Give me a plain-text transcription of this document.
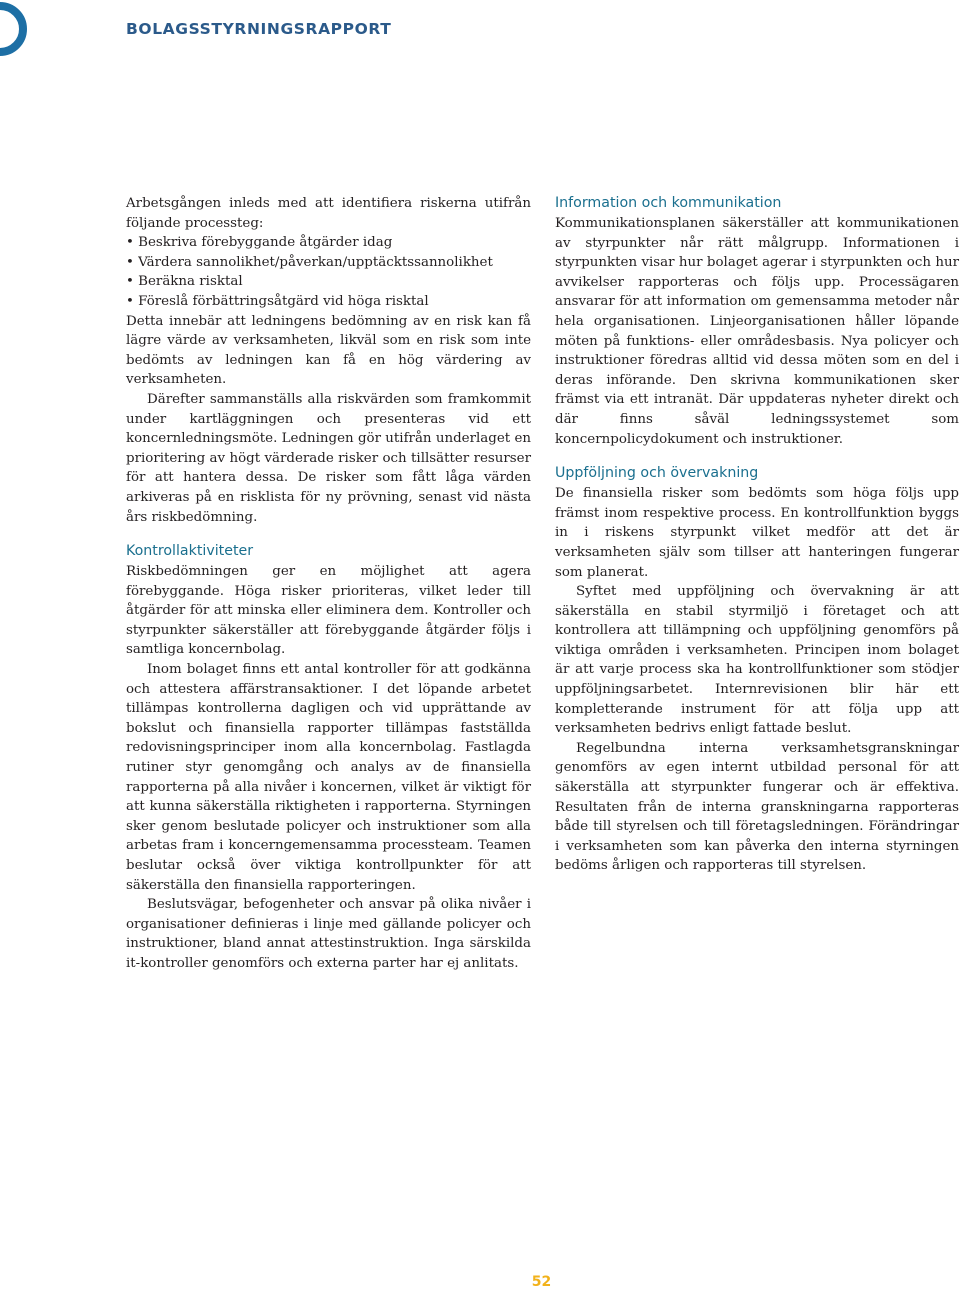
BOLAGSSTYRNINGSRAPPORT

Arbetsgången inleds med att identifiera riskerna utifrån följande processteg:

• Beskriva förebyggande åtgärder idag
• Värdera sannolikhet/påverkan/upptäcktssannolikhet
• Beräkna risktal
• Föreslå förbättringsåtgärd vid höga risktal

Detta innebär att ledningens bedömning av en risk kan få lägre värde av verksamheten, likväl som en risk som inte bedömts av ledningen kan få en hög värdering av verksamheten.

Därefter sammanställs alla riskvärden som framkommit under kartläggningen och presenteras vid ett koncernledningsmöte. Ledningen gör utifrån underlaget en prioritering av högt värderade risker och tillsätter resurser för att hantera dessa. De risker som fått låga värden arkiveras på en risklista för ny prövning, senast vid nästa års riskbedömning.

Kontrollaktiviteter

Riskbedömningen ger en möjlighet att agera förebyggande. Höga risker prioriteras, vilket leder till åtgärder för att minska eller eliminera dem. Kontroller och styrpunkter säkerställer att förebyggande åtgärder följs i samtliga koncernbolag.

Inom bolaget finns ett antal kontroller för att godkänna och attestera affärstransaktioner. I det löpande arbetet tillämpas kontrollerna dagligen och vid upprättande av bokslut och finansiella rapporter tillämpas fastställda redovisningsprinciper inom alla koncernbolag. Fastlagda rutiner styr genomgång och analys av de finansiella rapporterna på alla nivåer i koncernen, vilket är viktigt för att kunna säkerställa riktigheten i rapporterna. Styrningen sker genom beslutade policyer och instruktioner som alla arbetas fram i koncerngemensamma processteam. Teamen beslutar också över viktiga kontrollpunkter för att säkerställa den finansiella rapporteringen.

Beslutsvägar, befogenheter och ansvar på olika nivåer i organisationer definieras i linje med gällande policyer och instruktioner, bland annat attestinstruktion. Inga särskilda it-kontroller genomförs och externa parter har ej anlitats.

Information och kommunikation

Kommunikationsplanen säkerställer att kommunikationen av styrpunkter når rätt målgrupp. Informationen i styrpunkten visar hur bolaget agerar i styrpunkten och hur avvikelser rapporteras och följs upp. Processägaren ansvarar för att information om gemensamma metoder når hela organisationen. Linjeorganisationen håller löpande möten på funktions- eller områdesbasis. Nya policyer och instruktioner föredras alltid vid dessa möten som en del i deras införande. Den skrivna kommunikationen sker främst via ett intranät. Där uppdateras nyheter direkt och där finns såväl ledningssystemet som koncernpolicydokument och instruktioner.

Uppföljning och övervakning

De finansiella risker som bedömts som höga följs upp främst inom respektive process. En kontrollfunktion byggs in i riskens styrpunkt vilket medför att det är verksamheten själv som tillser att hanteringen fungerar som planerat.

Syftet med uppföljning och övervakning är att säkerställa en stabil styrmiljö i företaget och att kontrollera att tillämpning och uppföljning genomförs på viktiga områden i verksamheten. Principen inom bolaget är att varje process ska ha kontrollfunktioner som stödjer uppföljningsarbetet. Internrevisionen blir här ett kompletterande instrument för att följa upp att verksamheten bedrivs enligt fattade beslut.

Regelbundna interna verksamhetsgranskningar genomförs av egen internt utbildad personal för att säkerställa att styrpunkter fungerar och är effektiva. Resultaten från de interna granskningarna rapporteras både till styrelsen och till företagsledningen. Förändringar i verksamheten som kan påverka den interna styrningen bedöms årligen och rapporteras till styrelsen.

52
